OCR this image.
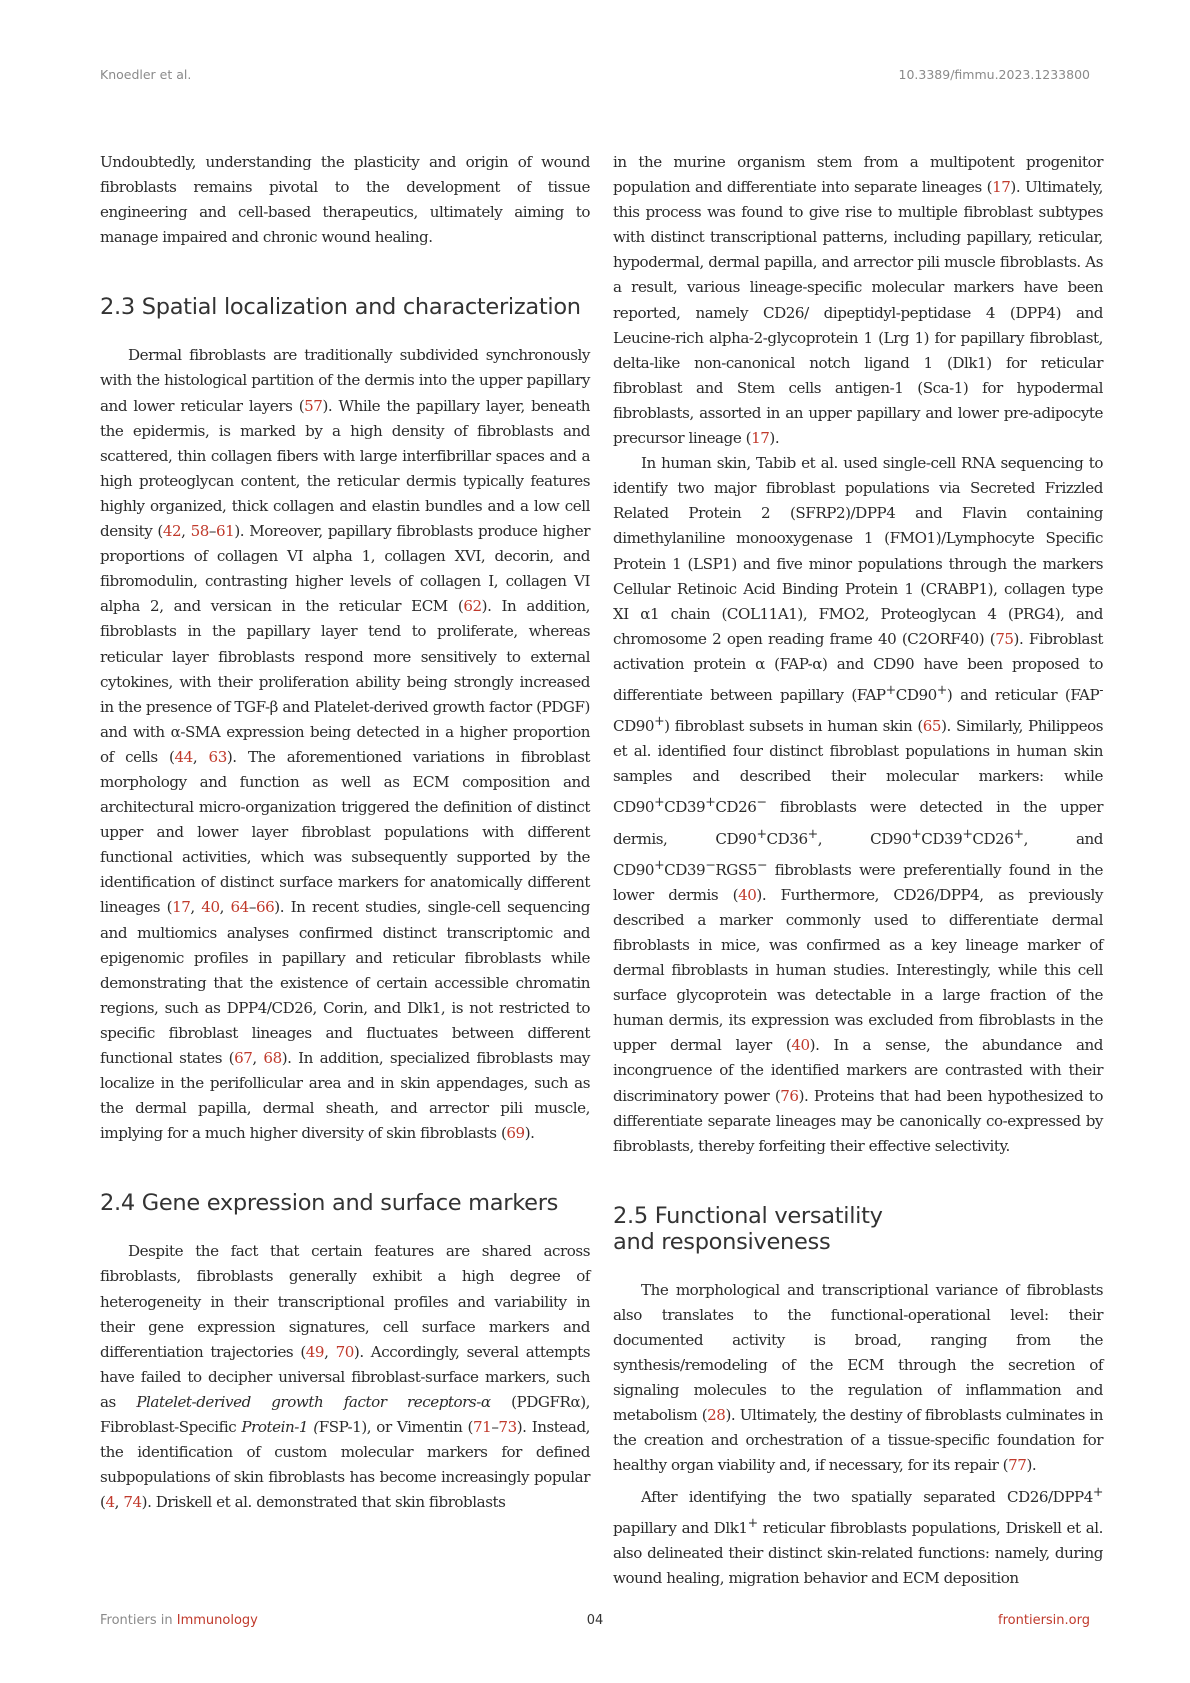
Knoedler et al.	10.3389/fimmu.2023.1233800

Undoubtedly, understanding the plasticity and origin of wound fibroblasts remains pivotal to the development of tissue engineering and cell-based therapeutics, ultimately aiming to manage impaired and chronic wound healing.

2.3 Spatial localization and characterization

Dermal fibroblasts are traditionally subdivided synchronously with the histological partition of the dermis into the upper papillary and lower reticular layers (57). While the papillary layer, beneath the epidermis, is marked by a high density of fibroblasts and scattered, thin collagen fibers with large interfibrillar spaces and a high proteoglycan content, the reticular dermis typically features highly organized, thick collagen and elastin bundles and a low cell density (42, 58–61). Moreover, papillary fibroblasts produce higher proportions of collagen VI alpha 1, collagen XVI, decorin, and fibromodulin, contrasting higher levels of collagen I, collagen VI alpha 2, and versican in the reticular ECM (62). In addition, fibroblasts in the papillary layer tend to proliferate, whereas reticular layer fibroblasts respond more sensitively to external cytokines, with their proliferation ability being strongly increased in the presence of TGF-β and Platelet-derived growth factor (PDGF) and with α-SMA expression being detected in a higher proportion of cells (44, 63). The aforementioned variations in fibroblast morphology and function as well as ECM composition and architectural micro-organization triggered the definition of distinct upper and lower layer fibroblast populations with different functional activities, which was subsequently supported by the identification of distinct surface markers for anatomically different lineages (17, 40, 64–66). In recent studies, single-cell sequencing and multiomics analyses confirmed distinct transcriptomic and epigenomic profiles in papillary and reticular fibroblasts while demonstrating that the existence of certain accessible chromatin regions, such as DPP4/CD26, Corin, and Dlk1, is not restricted to specific fibroblast lineages and fluctuates between different functional states (67, 68). In addition, specialized fibroblasts may localize in the perifollicular area and in skin appendages, such as the dermal papilla, dermal sheath, and arrector pili muscle, implying for a much higher diversity of skin fibroblasts (69).

2.4 Gene expression and surface markers

Despite the fact that certain features are shared across fibroblasts, fibroblasts generally exhibit a high degree of heterogeneity in their transcriptional profiles and variability in their gene expression signatures, cell surface markers and differentiation trajectories (49, 70). Accordingly, several attempts have failed to decipher universal fibroblast-surface markers, such as Platelet-derived growth factor receptors-α (PDGFRα), Fibroblast-Specific Protein-1 (FSP-1), or Vimentin (71–73). Instead, the identification of custom molecular markers for defined subpopulations of skin fibroblasts has become increasingly popular (4, 74). Driskell et al. demonstrated that skin fibroblasts

in the murine organism stem from a multipotent progenitor population and differentiate into separate lineages (17). Ultimately, this process was found to give rise to multiple fibroblast subtypes with distinct transcriptional patterns, including papillary, reticular, hypodermal, dermal papilla, and arrector pili muscle fibroblasts. As a result, various lineage-specific molecular markers have been reported, namely CD26/ dipeptidyl-peptidase 4 (DPP4) and Leucine-rich alpha-2-glycoprotein 1 (Lrg 1) for papillary fibroblast, delta-like non-canonical notch ligand 1 (Dlk1) for reticular fibroblast and Stem cells antigen-1 (Sca-1) for hypodermal fibroblasts, assorted in an upper papillary and lower pre-adipocyte precursor lineage (17).

In human skin, Tabib et al. used single-cell RNA sequencing to identify two major fibroblast populations via Secreted Frizzled Related Protein 2 (SFRP2)/DPP4 and Flavin containing dimethylaniline monooxygenase 1 (FMO1)/Lymphocyte Specific Protein 1 (LSP1) and five minor populations through the markers Cellular Retinoic Acid Binding Protein 1 (CRABP1), collagen type XI α1 chain (COL11A1), FMO2, Proteoglycan 4 (PRG4), and chromosome 2 open reading frame 40 (C2ORF40) (75). Fibroblast activation protein α (FAP-α) and CD90 have been proposed to differentiate between papillary (FAP+CD90+) and reticular (FAP-CD90+) fibroblast subsets in human skin (65). Similarly, Philippeos et al. identified four distinct fibroblast populations in human skin samples and described their molecular markers: while CD90+CD39+CD26− fibroblasts were detected in the upper dermis, CD90+CD36+, CD90+CD39+CD26+, and CD90+CD39−RGS5− fibroblasts were preferentially found in the lower dermis (40). Furthermore, CD26/DPP4, as previously described a marker commonly used to differentiate dermal fibroblasts in mice, was confirmed as a key lineage marker of dermal fibroblasts in human studies. Interestingly, while this cell surface glycoprotein was detectable in a large fraction of the human dermis, its expression was excluded from fibroblasts in the upper dermal layer (40). In a sense, the abundance and incongruence of the identified markers are contrasted with their discriminatory power (76). Proteins that had been hypothesized to differentiate separate lineages may be canonically co-expressed by fibroblasts, thereby forfeiting their effective selectivity.

2.5 Functional versatility
and responsiveness

The morphological and transcriptional variance of fibroblasts also translates to the functional-operational level: their documented activity is broad, ranging from the synthesis/remodeling of the ECM through the secretion of signaling molecules to the regulation of inflammation and metabolism (28). Ultimately, the destiny of fibroblasts culminates in the creation and orchestration of a tissue-specific foundation for healthy organ viability and, if necessary, for its repair (77).

After identifying the two spatially separated CD26/DPP4+ papillary and Dlk1+ reticular fibroblasts populations, Driskell et al. also delineated their distinct skin-related functions: namely, during wound healing, migration behavior and ECM deposition

Frontiers in Immunology	04	frontiersin.org
